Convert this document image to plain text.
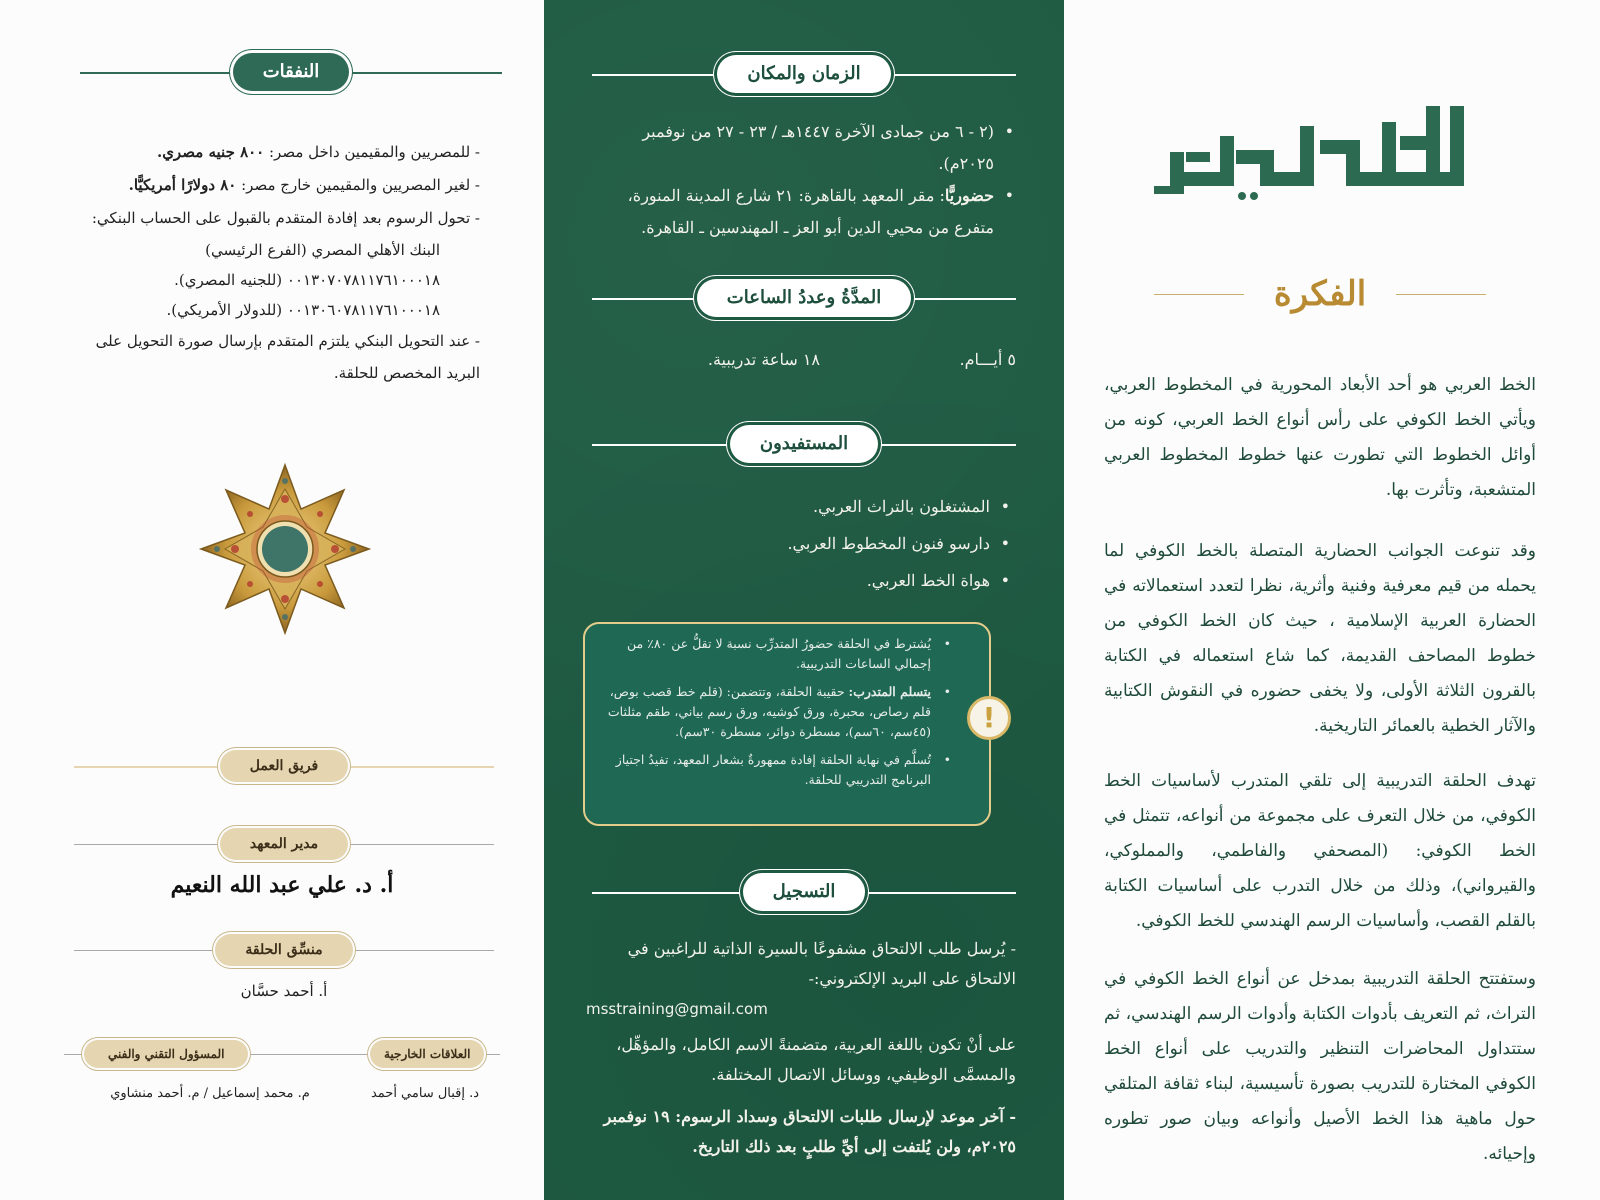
النفقات

- للمصريين والمقيمين داخل مصر: ٨٠٠ جنيه مصري.

- لغير المصريين والمقيمين خارج مصر: ٨٠ دولارًا أمريكيًّا.

- تحول الرسوم بعد إفادة المتقدم بالقبول على الحساب البنكي:

البنك الأهلي المصري (الفرع الرئيسي)

٠٠١٣٠٧٠٧٨١١٧٦١٠٠٠١٨ (للجنيه المصري).

٠٠١٣٠٦٠٧٨١١٧٦١٠٠٠١٨ (للدولار الأمريكي).

- عند التحويل البنكي يلتزم المتقدم بإرسال صورة التحويل على البريد المخصص للحلقة.

فريق العمل
مدير المعهد
أ. د. علي عبد الله النعيم
منسِّق الحلقة
أ. أحمد حسَّان
المسؤول التقني والفني	العلاقات الخارجية
م. محمد إسماعيل / م. أحمد منشاوي	د. إقبال سامي أحمد
الزمان والمكان
• (٢ - ٦ من جمادى الآخرة ١٤٤٧هـ / ٢٣ - ٢٧ من نوفمبر ٢٠٢٥م).
• حضوريًّا: مقر المعهد بالقاهرة: ٢١ شارع المدينة المنورة، متفرع من محيي الدين أبو العز ـ المهندسين ـ القاهرة.
المدَّةُ وعددُ الساعات
٥ أيـــام.
١٨ ساعة تدريبية.
المستفيدون
• المشتغلون بالتراث العربي.
• دارسو فنون المخطوط العربي.
• هواة الخط العربي.
• يُشترط في الحلقة حضورُ المتدرِّب نسبة لا تقلُّ عن ٨٠٪ من إجمالي الساعات التدريبية.
• يتسلم المتدرب: حقيبة الحلقة، وتتضمن: (قلم خط قصب بوص، قلم رصاص، محبرة، ورق كوشيه، ورق رسم بياني، طقم مثلثات (٤٥سم، ٦٠سم)، مسطرة دوائر، مسطرة ٣٠سم).
• تُسلَّم في نهاية الحلقة إفادة ممهورةٌ بشعار المعهد، تفيدُ اجتياز البرنامج التدريبي للحلقة.
!
التسجيل
- يُرسل طلب الالتحاق مشفوعًا بالسيرة الذاتية للراغبين في الالتحاق على البريد الإلكتروني:-
msstraining@gmail.com
على أنْ تكون باللغة العربية، متضمنةً الاسم الكامل، والمؤهِّل، والمسمَّى الوظيفي، ووسائل الاتصال المختلفة.
- آخر موعد لإرسال طلبات الالتحاق وسداد الرسوم: ١٩ نوفمبر ٢٠٢٥م، ولن يُلتفت إلى أيِّ طلبٍ بعد ذلك التاريخ.
الخط الكوفي
الفكرة
الخط العربي هو أحد الأبعاد المحورية في المخطوط العربي، ويأتي الخط الكوفي على رأس أنواع الخط العربي، كونه من أوائل الخطوط التي تطورت عنها خطوط المخطوط العربي المتشعبة، وتأثرت بها.
وقد تنوعت الجوانب الحضارية المتصلة بالخط الكوفي لما يحمله من قيم معرفية وفنية وأثرية، نظرا لتعدد استعمالاته في الحضارة العربية الإسلامية ، حيث كان الخط الكوفي من خطوط المصاحف القديمة، كما شاع استعماله في الكتابة بالقرون الثلاثة الأولى، ولا يخفى حضوره في النقوش الكتابية والآثار الخطية بالعمائر التاريخية.
تهدف الحلقة التدريبية إلى تلقي المتدرب لأساسيات الخط الكوفي، من خلال التعرف على مجموعة من أنواعه، تتمثل في الخط الكوفي: (المصحفي والفاطمي، والمملوكي، والقيرواني)، وذلك من خلال التدرب على أساسيات الكتابة بالقلم القصب، وأساسيات الرسم الهندسي للخط الكوفي.
وستفتتح الحلقة التدريبية بمدخل عن أنواع الخط الكوفي في التراث، ثم التعريف بأدوات الكتابة وأدوات الرسم الهندسي، ثم ستتداول المحاضرات التنظير والتدريب على أنواع الخط الكوفي المختارة للتدريب بصورة تأسيسية، لبناء ثقافة المتلقي حول ماهية هذا الخط الأصيل وأنواعه وبيان صور تطوره وإحيائه.
